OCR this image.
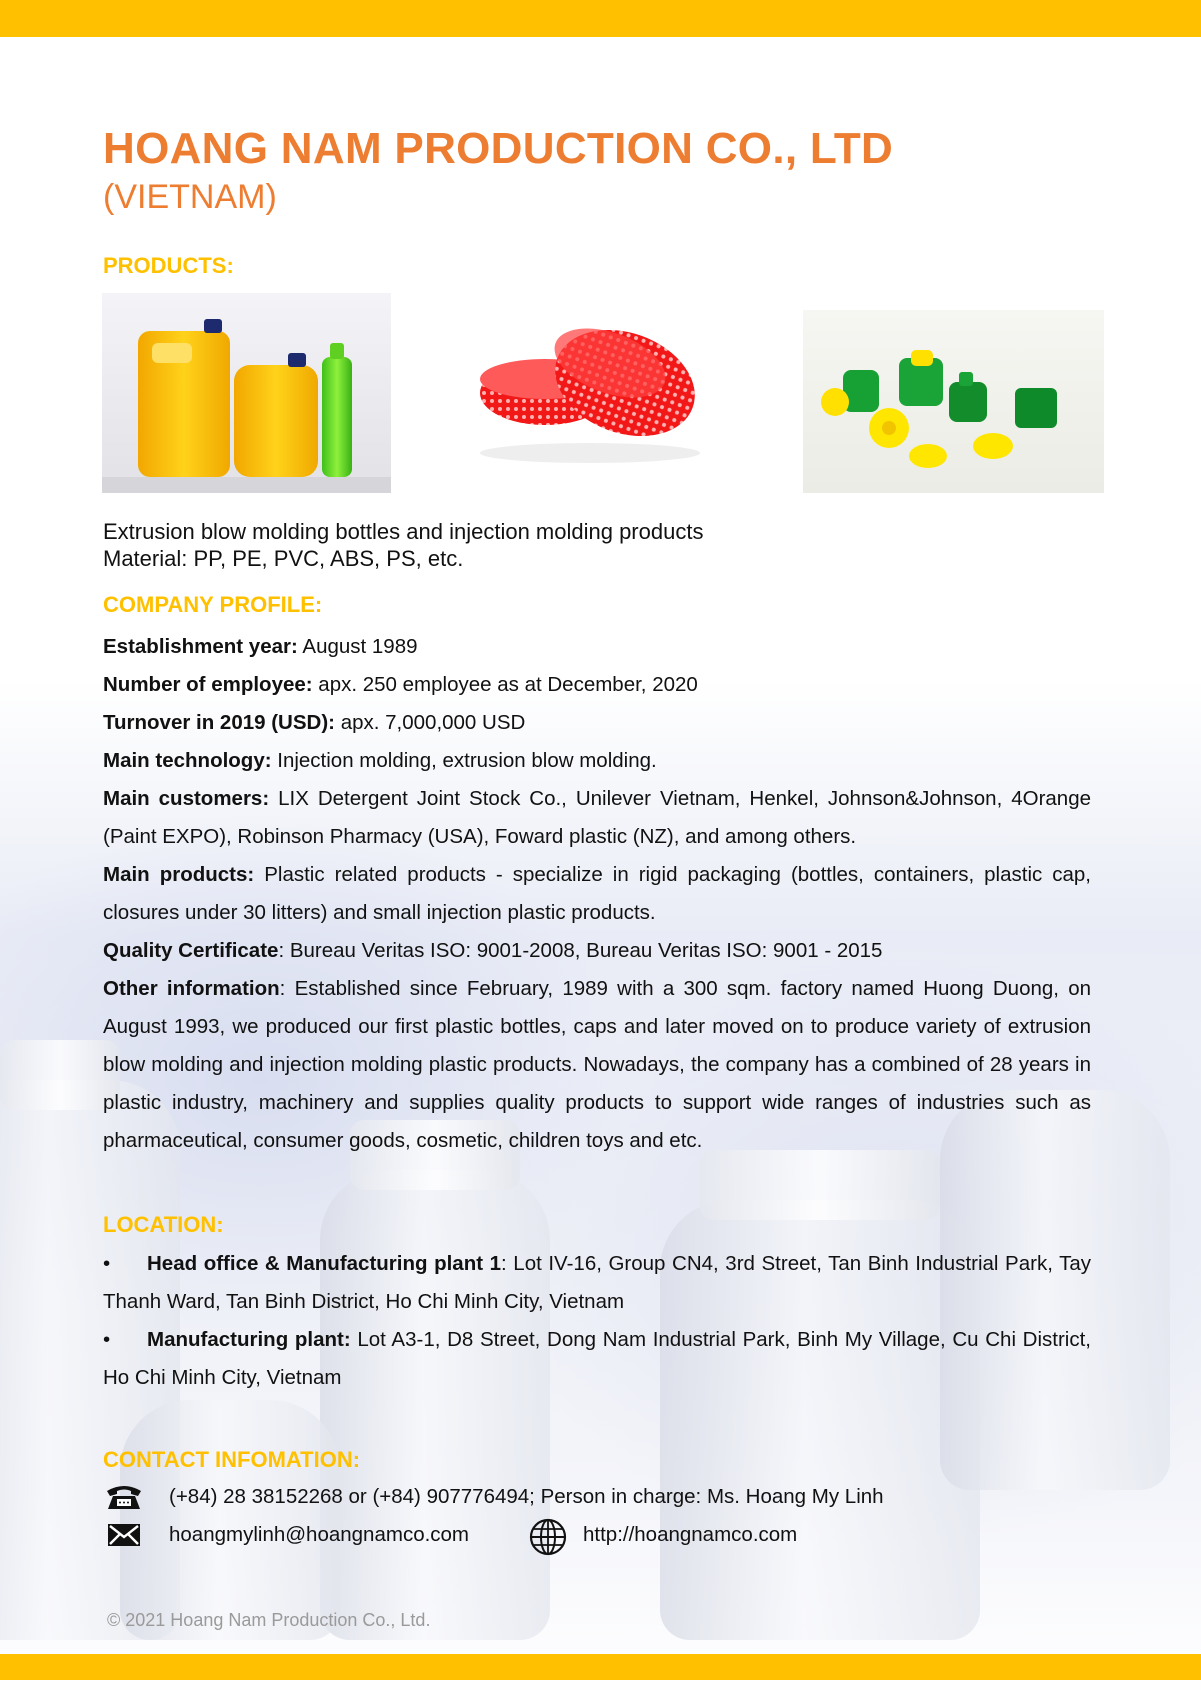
HOANG NAM PRODUCTION CO., LTD
(VIETNAM)
PRODUCTS:
Extrusion blow molding bottles and injection molding products
Material: PP, PE, PVC, ABS, PS, etc.
COMPANY PROFILE:

Establishment year: August 1989

Number of employee: apx. 250 employee as at December, 2020

Turnover in 2019 (USD): apx. 7,000,000 USD

Main technology: Injection molding, extrusion blow molding.

Main customers: LIX Detergent Joint Stock Co., Unilever Vietnam, Henkel, Johnson&Johnson, 4Orange (Paint EXPO), Robinson Pharmacy (USA), Foward plastic (NZ), and among others.

Main products: Plastic related products - specialize in rigid packaging (bottles, containers, plastic cap, closures under 30 litters) and small injection plastic products.

Quality Certificate: Bureau Veritas ISO: 9001-2008, Bureau Veritas ISO: 9001 - 2015

Other information: Established since February, 1989 with a 300 sqm. factory named Huong Duong, on August 1993, we produced our first plastic bottles, caps and later moved on to produce variety of extrusion blow molding and injection molding plastic products. Nowadays, the company has a combined of 28 years in plastic industry, machinery and supplies quality products to support wide ranges of industries such as pharmaceutical, consumer goods, cosmetic, children toys and etc.

LOCATION:

• Head office & Manufacturing plant 1: Lot IV-16, Group CN4, 3rd Street, Tan Binh Industrial Park, Tay Thanh Ward, Tan Binh District, Ho Chi Minh City, Vietnam

• Manufacturing plant: Lot A3-1, D8 Street, Dong Nam Industrial Park, Binh My Village, Cu Chi District, Ho Chi Minh City, Vietnam

CONTACT INFOMATION:
(+84) 28 38152268 or (+84) 907776494; Person in charge: Ms. Hoang My Linh
hoangmylinh@hoangnamco.com	http://hoangnamco.com
© 2021 Hoang Nam Production Co., Ltd.
